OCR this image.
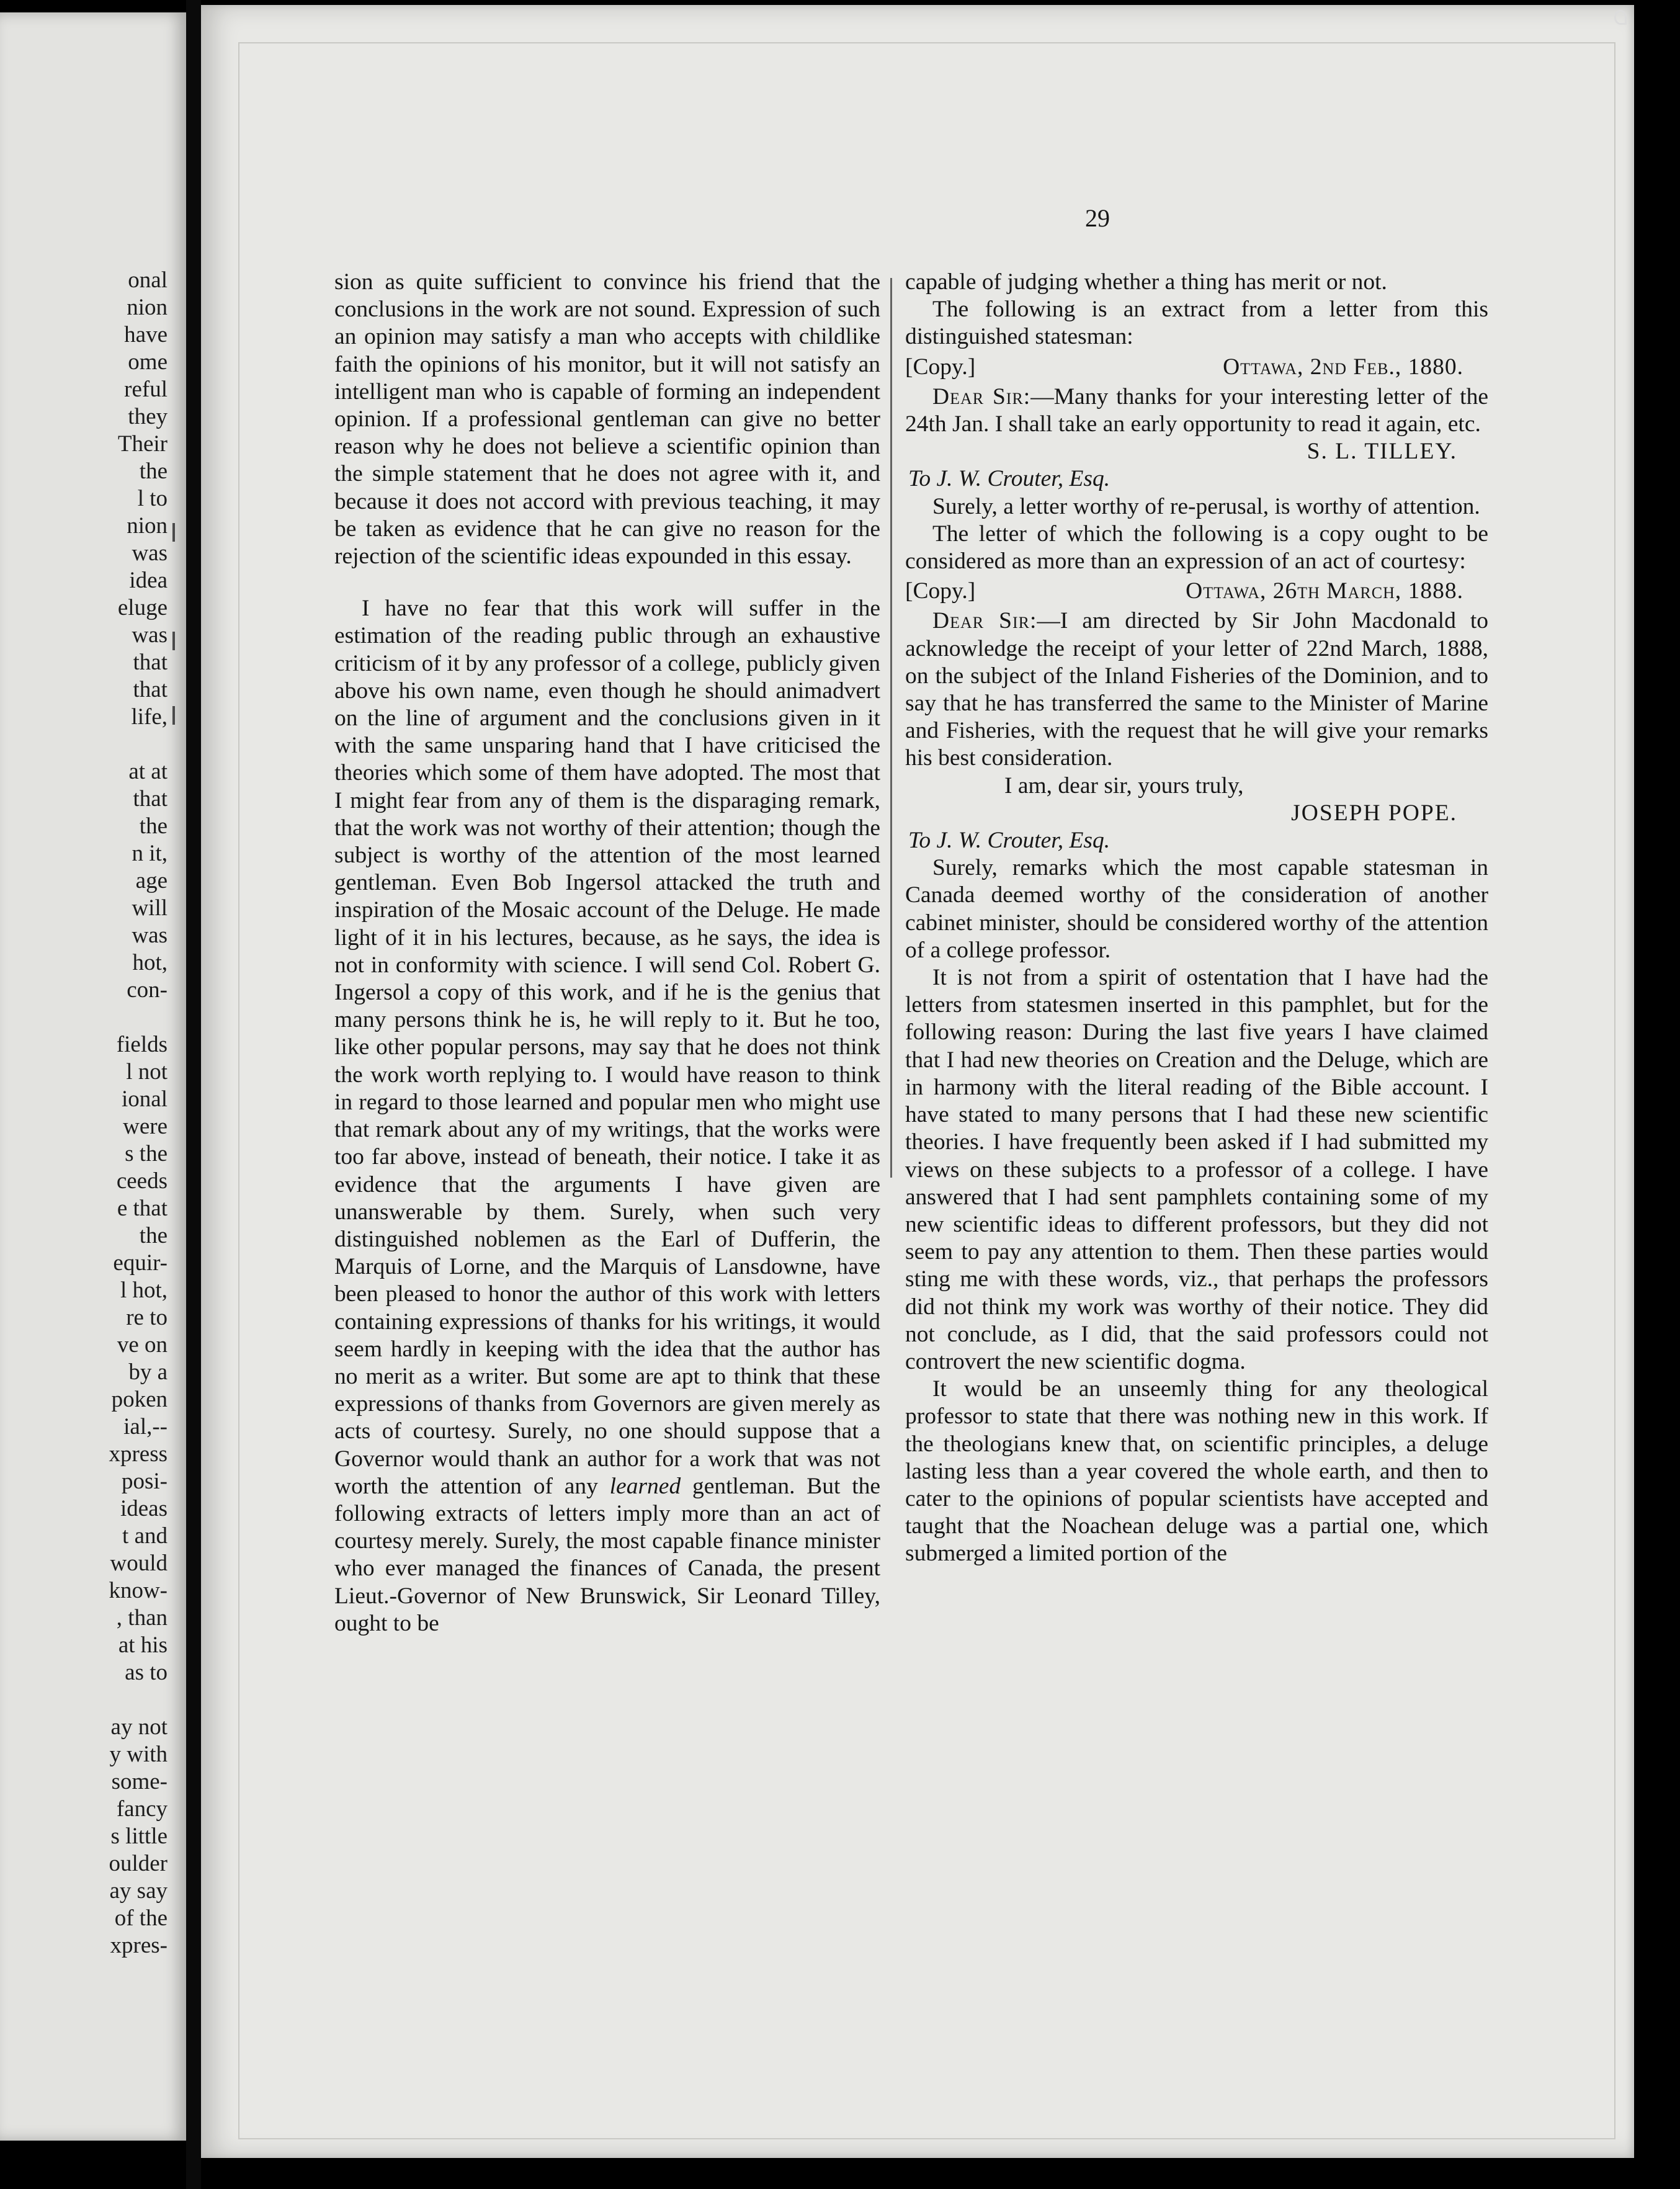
onal
nion
have
ome
reful
they
Their
the
l to
nion
was
idea
eluge
was
that
that
life,
at at
that
the
n it,
age
will
was
hot,
con-
fields
l not
ional
were
s the
ceeds
e that
the
equir-
l hot,
re to
ve on
by a
poken
ial,--
xpress
posi-
ideas
t and
would
know-
, than
at his
as to
ay not
y with
some-
fancy
s little
oulder
ay say
of the
xpres-
29

sion as quite sufficient to convince his friend that the conclusions in the work are not sound. Expression of such an opinion may satisfy a man who accepts with childlike faith the opinions of his monitor, but it will not satisfy an intelligent man who is capable of forming an independent opinion. If a professional gentleman can give no better reason why he does not believe a scientific opinion than the simple statement that he does not agree with it, and because it does not accord with previous teaching, it may be taken as evidence that he can give no reason for the rejection of the scientific ideas expounded in this essay.

I have no fear that this work will suffer in the estimation of the reading public through an exhaustive criticism of it by any professor of a college, publicly given above his own name, even though he should animadvert on the line of argument and the conclusions given in it with the same unsparing hand that I have criticised the theories which some of them have adopted. The most that I might fear from any of them is the disparaging remark, that the work was not worthy of their attention; though the subject is worthy of the attention of the most learned gentleman. Even Bob Ingersol attacked the truth and inspiration of the Mosaic account of the Deluge. He made light of it in his lectures, because, as he says, the idea is not in conformity with science. I will send Col. Robert G. Ingersol a copy of this work, and if he is the genius that many persons think he is, he will reply to it. But he too, like other popular persons, may say that he does not think the work worth replying to. I would have reason to think in regard to those learned and popular men who might use that remark about any of my writings, that the works were too far above, instead of beneath, their notice. I take it as evidence that the arguments I have given are unanswerable by them. Surely, when such very distinguished noblemen as the Earl of Dufferin, the Marquis of Lorne, and the Marquis of Lansdowne, have been pleased to honor the author of this work with letters containing expressions of thanks for his writings, it would seem hardly in keeping with the idea that the author has no merit as a writer. But some are apt to think that these expressions of thanks from Governors are given merely as acts of courtesy. Surely, no one should suppose that a Governor would thank an author for a work that was not worth the attention of any learned gentleman. But the following extracts of letters imply more than an act of courtesy merely. Surely, the most capable finance minister who ever managed the finances of Canada, the present Lieut.-Governor of New Brunswick, Sir Leonard Tilley, ought to be

capable of judging whether a thing has merit or not.

The following is an extract from a letter from this distinguished statesman:

[Copy.]	Ottawa, 2nd Feb., 1880.

Dear Sir:—Many thanks for your interesting letter of the 24th Jan. I shall take an early opportunity to read it again, etc.

S. L. TILLEY.
To J. W. Crouter, Esq.

Surely, a letter worthy of re-perusal, is worthy of attention.

The letter of which the following is a copy ought to be considered as more than an expression of an act of courtesy:

[Copy.]	Ottawa, 26th March, 1888.

Dear Sir:—I am directed by Sir John Macdonald to acknowledge the receipt of your letter of 22nd March, 1888, on the subject of the Inland Fisheries of the Dominion, and to say that he has transferred the same to the Minister of Marine and Fisheries, with the request that he will give your remarks his best consideration.

I am, dear sir, yours truly,
JOSEPH POPE.
To J. W. Crouter, Esq.

Surely, remarks which the most capable statesman in Canada deemed worthy of the consideration of another cabinet minister, should be considered worthy of the attention of a college professor.

It is not from a spirit of ostentation that I have had the letters from statesmen inserted in this pamphlet, but for the following reason: During the last five years I have claimed that I had new theories on Creation and the Deluge, which are in harmony with the literal reading of the Bible account. I have stated to many persons that I had these new scientific theories. I have frequently been asked if I had submitted my views on these subjects to a professor of a college. I have answered that I had sent pamphlets containing some of my new scientific ideas to different professors, but they did not seem to pay any attention to them. Then these parties would sting me with these words, viz., that perhaps the professors did not think my work was worthy of their notice. They did not conclude, as I did, that the said professors could not controvert the new scientific dogma.

It would be an unseemly thing for any theological professor to state that there was nothing new in this work. If the theologians knew that, on scientific principles, a deluge lasting less than a year covered the whole earth, and then to cater to the opinions of popular scientists have accepted and taught that the Noachean deluge was a partial one, which submerged a limited portion of the
